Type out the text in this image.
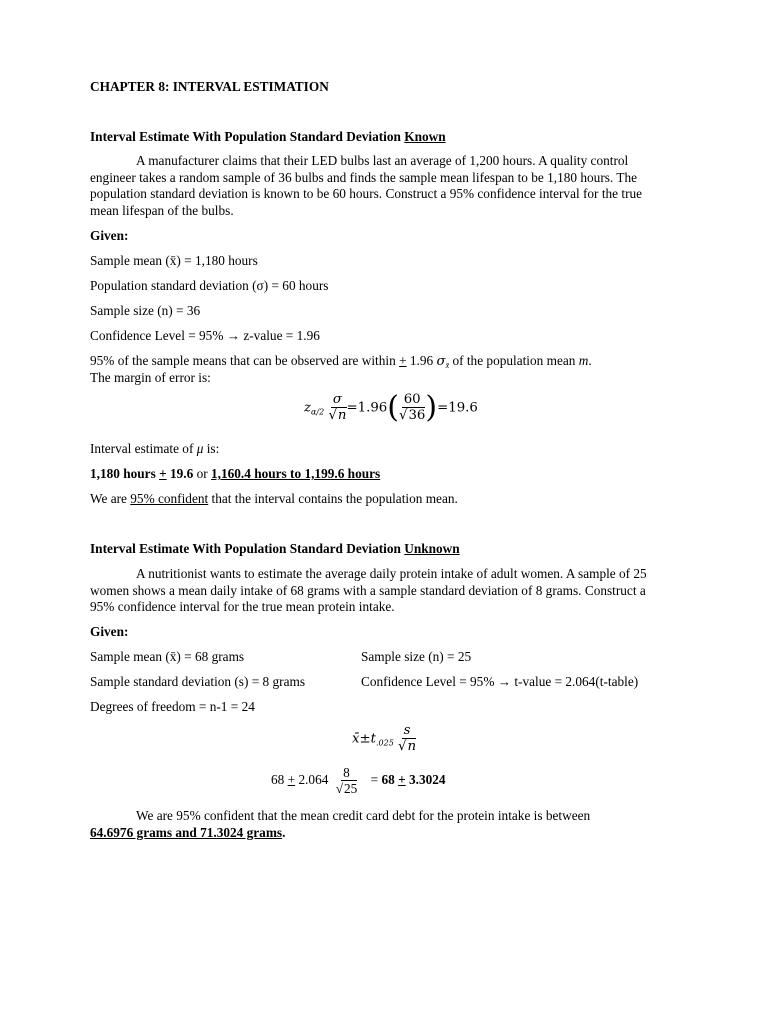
CHAPTER 8: INTERVAL ESTIMATION
Interval Estimate With Population Standard Deviation Known
A manufacturer claims that their LED bulbs last an average of 1,200 hours. A quality control engineer takes a random sample of 36 bulbs and finds the sample mean lifespan to be 1,180 hours. The population standard deviation is known to be 60 hours. Construct a 95% confidence interval for the true mean lifespan of the bulbs.
Given:
Sample mean (x̄) = 1,180 hours
Population standard deviation (σ) = 60 hours
Sample size (n) = 36
Confidence Level = 95% → z-value = 1.96
95% of the sample means that can be observed are within + 1.96 $\sigma_{x̄}$ of the population mean m.
The margin of error is:
$z_{\alpha/2} \frac{\sigma}{√n} =1.96( \frac{60}{√36} )=19.6$
Interval estimate of μ is:
1,180 hours + 19.6 or 1,160.4 hours to 1,199.6 hours
We are 95% confident that the interval contains the population mean.
Interval Estimate With Population Standard Deviation Unknown
A nutritionist wants to estimate the average daily protein intake of adult women. A sample of 25 women shows a mean daily intake of 68 grams with a sample standard deviation of 8 grams. Construct a 95% confidence interval for the true mean protein intake.
Given:
Sample mean (x̄) = 68 grams	Sample size (n) = 25
Sample standard deviation (s) = 8 grams	Confidence Level = 95% → t-value = 2.064(t-table)
Degrees of freedom = n-1 = 24
$x̄\pm t_{.025} \frac{s}{√n}$
$68 + 2.064 \frac{8}{√25} = 68 + 3.3024$
We are 95% confident that the mean credit card debt for the protein intake is between
64.6976 grams and 71.3024 grams.
